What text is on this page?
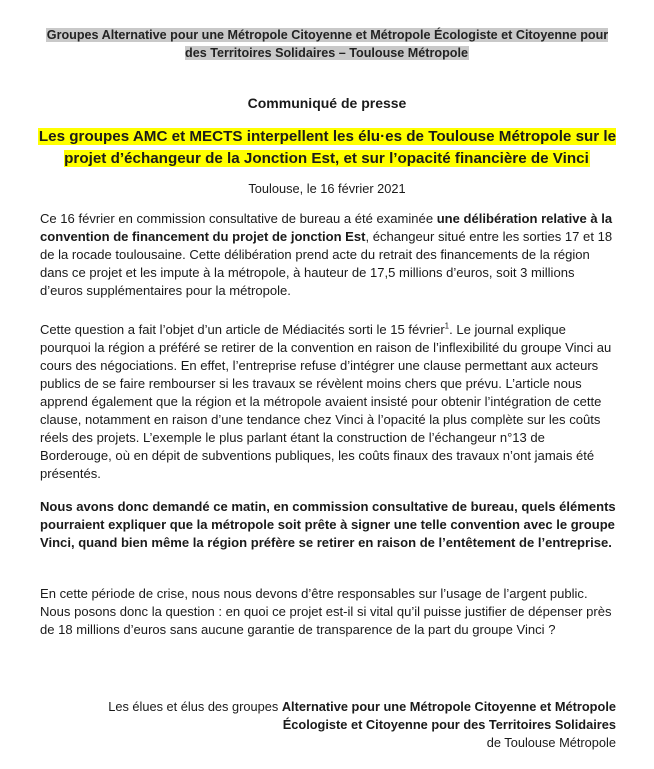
Groupes Alternative pour une Métropole Citoyenne et Métropole Écologiste et Citoyenne pour des Territoires Solidaires – Toulouse Métropole
Communiqué de presse
Les groupes AMC et MECTS interpellent les élu·es de Toulouse Métropole sur le projet d’échangeur de la Jonction Est, et sur l’opacité financière de Vinci
Toulouse, le 16 février 2021

Ce 16 février en commission consultative de bureau a été examinée une délibération relative à la convention de financement du projet de jonction Est, échangeur situé entre les sorties 17 et 18 de la rocade toulousaine. Cette délibération prend acte du retrait des financements de la région dans ce projet et les impute à la métropole, à hauteur de 17,5 millions d’euros, soit 3 millions d’euros supplémentaires pour la métropole.

Cette question a fait l’objet d’un article de Médiacités sorti le 15 février$^1$. Le journal explique pourquoi la région a préféré se retirer de la convention en raison de l’inflexibilité du groupe Vinci au cours des négociations. En effet, l’entreprise refuse d’intégrer une clause permettant aux acteurs publics de se faire rembourser si les travaux se révèlent moins chers que prévu. L’article nous apprend également que la région et la métropole avaient insisté pour obtenir l’intégration de cette clause, notamment en raison d’une tendance chez Vinci à l’opacité la plus complète sur les coûts réels des projets. L’exemple le plus parlant étant la construction de l’échangeur n°13 de Borderouge, où en dépit de subventions publiques, les coûts finaux des travaux n’ont jamais été présentés.

Nous avons donc demandé ce matin, en commission consultative de bureau, quels éléments pourraient expliquer que la métropole soit prête à signer une telle convention avec le groupe Vinci, quand bien même la région préfère se retirer en raison de l’entêtement de l’entreprise.

En cette période de crise, nous nous devons d’être responsables sur l’usage de l’argent public. Nous posons donc la question : en quoi ce projet est-il si vital qu’il puisse justifier de dépenser près de 18 millions d’euros sans aucune garantie de transparence de la part du groupe Vinci ?

Les élues et élus des groupes Alternative pour une Métropole Citoyenne et Métropole Écologiste et Citoyenne pour des Territoires Solidaires
de Toulouse Métropole
